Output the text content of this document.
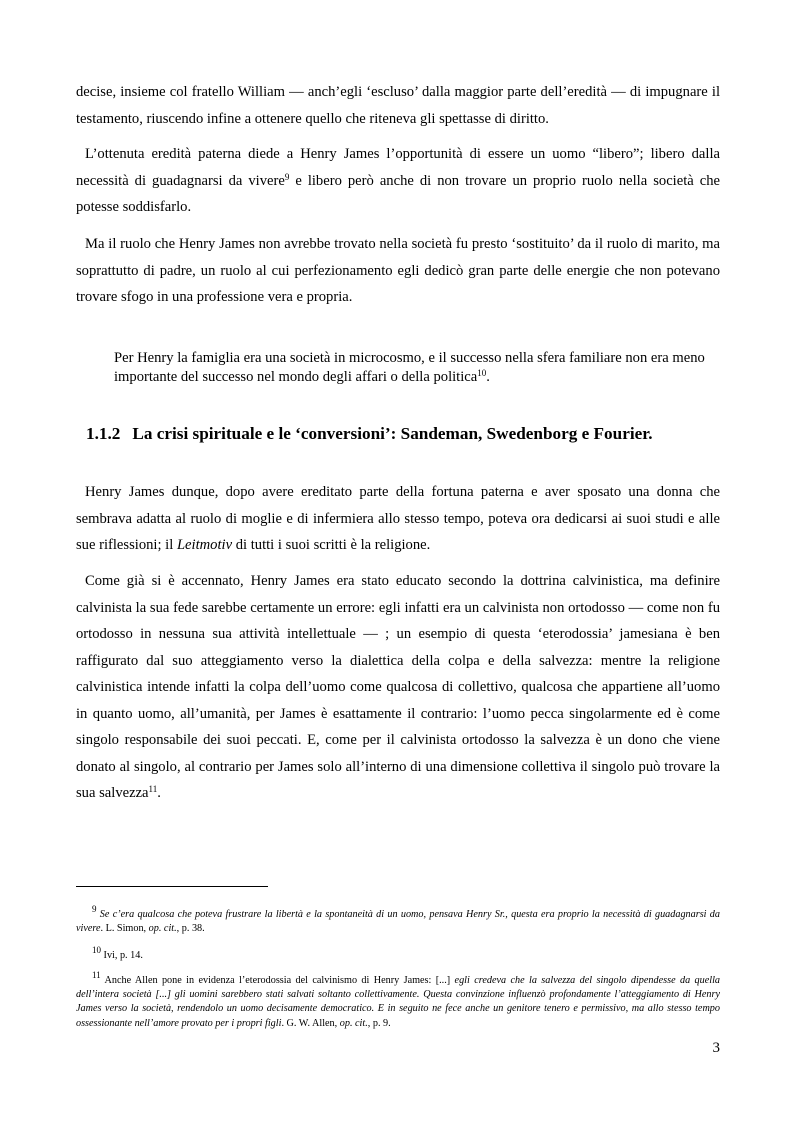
decise, insieme col fratello William — anch’egli ‘escluso’ dalla maggior parte dell’eredità — di impugnare il testamento, riuscendo infine a ottenere quello che riteneva gli spettasse di diritto.

L’ottenuta eredità paterna diede a Henry James l’opportunità di essere un uomo “libero”; libero dalla necessità di guadagnarsi da vivere$^9$ e libero però anche di non trovare un proprio ruolo nella società che potesse soddisfarlo.

Ma il ruolo che Henry James non avrebbe trovato nella società fu presto ‘sostituito’ da il ruolo di marito, ma soprattutto di padre, un ruolo al cui perfezionamento egli dedicò gran parte delle energie che non potevano trovare sfogo in una professione vera e propria.

Per Henry la famiglia era una società in microcosmo, e il successo nella sfera familiare non era meno importante del successo nel mondo degli affari o della politica$^{10}$.

1.1.2 La crisi spirituale e le ‘conversioni’: Sandeman, Swedenborg e Fourier.

Henry James dunque, dopo avere ereditato parte della fortuna paterna e aver sposato una donna che sembrava adatta al ruolo di moglie e di infermiera allo stesso tempo, poteva ora dedicarsi ai suoi studi e alle sue riflessioni; il Leitmotiv di tutti i suoi scritti è la religione.

Come già si è accennato, Henry James era stato educato secondo la dottrina calvinistica, ma definire calvinista la sua fede sarebbe certamente un errore: egli infatti era un calvinista non ortodosso — come non fu ortodosso in nessuna sua attività intellettuale — ; un esempio di questa ‘eterodossia’ jamesiana è ben raffigurato dal suo atteggiamento verso la dialettica della colpa e della salvezza: mentre la religione calvinistica intende infatti la colpa dell’uomo come qualcosa di collettivo, qualcosa che appartiene all’uomo in quanto uomo, all’umanità, per James è esattamente il contrario: l’uomo pecca singolarmente ed è come singolo responsabile dei suoi peccati. E, come per il calvinista ortodosso la salvezza è un dono che viene donato al singolo, al contrario per James solo all’interno di una dimensione collettiva il singolo può trovare la sua salvezza$^{11}$.

$^9$ Se c’era qualcosa che poteva frustrare la libertà e la spontaneità di un uomo, pensava Henry Sr., questa era proprio la necessità di guadagnarsi da vivere. L. Simon, op. cit., p. 38.

$^{10}$ Ivi, p. 14.

$^{11}$ Anche Allen pone in evidenza l’eterodossia del calvinismo di Henry James: [...] egli credeva che la salvezza del singolo dipendesse da quella dell’intera società [...] gli uomini sarebbero stati salvati soltanto collettivamente. Questa convinzione influenzò profondamente l’atteggiamento di Henry James verso la società, rendendolo un uomo decisamente democratico. E in seguito ne fece anche un genitore tenero e permissivo, ma allo stesso tempo ossessionante nell’amore provato per i propri figli. G. W. Allen, op. cit., p. 9.

3
